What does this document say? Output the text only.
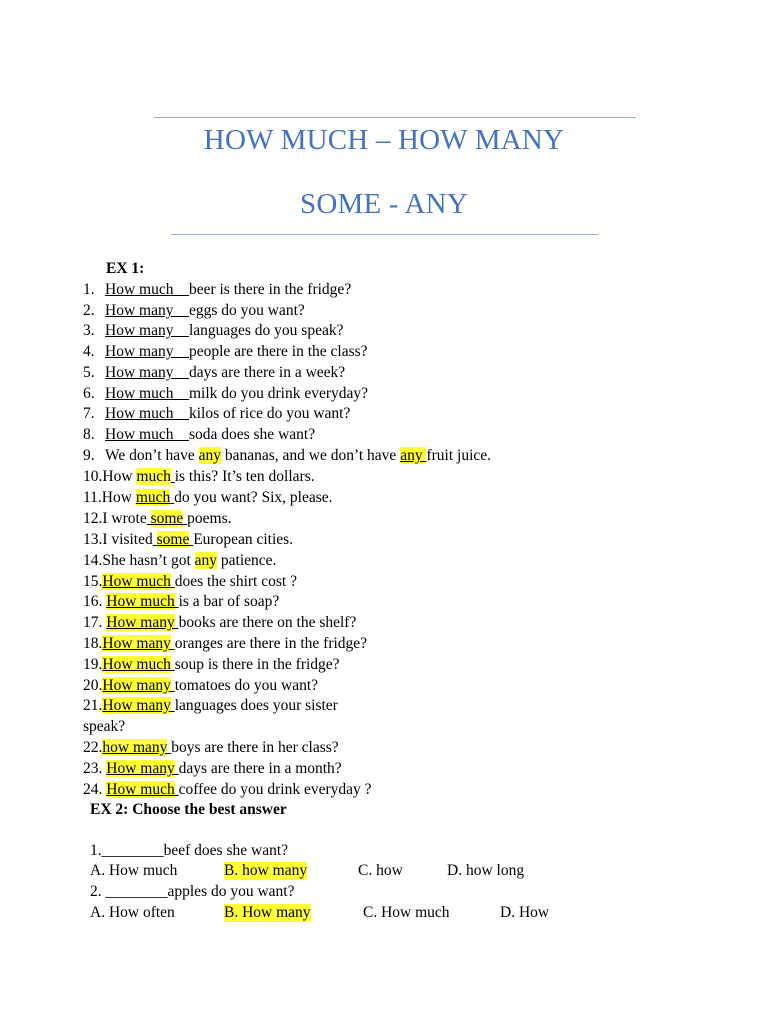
HOW MUCH – HOW MANY
SOME - ANY
EX 1:
1. How much beer is there in the fridge?
2. How many eggs do you want?
3. How many languages do you speak?
4. How many people are there in the class?
5. How many days are there in a week?
6. How much milk do you drink everyday?
7. How much kilos of rice do you want?
8. How much soda does she want?
9. We don’t have any bananas, and we don’t have any fruit juice.
10.How much is this? It’s ten dollars.
11.How much do you want? Six, please.
12.I wrote some poems.
13.I visited some European cities.
14.She hasn’t got any patience.
15.How much does the shirt cost ?
16. How much is a bar of soap?
17. How many books are there on the shelf?
18.How many oranges are there in the fridge?
19.How much soup is there in the fridge?
20.How many tomatoes do you want?
21.How many languages does your sister
speak?
22.how many boys are there in her class?
23. How many days are there in a month?
24. How much coffee do you drink everyday ?
EX 2: Choose the best answer
1.________beef does she want?
A. How much	B. how many	C. how	D. how long
2. ________apples do you want?
A. How often	B. How many	C. How much	D. How
